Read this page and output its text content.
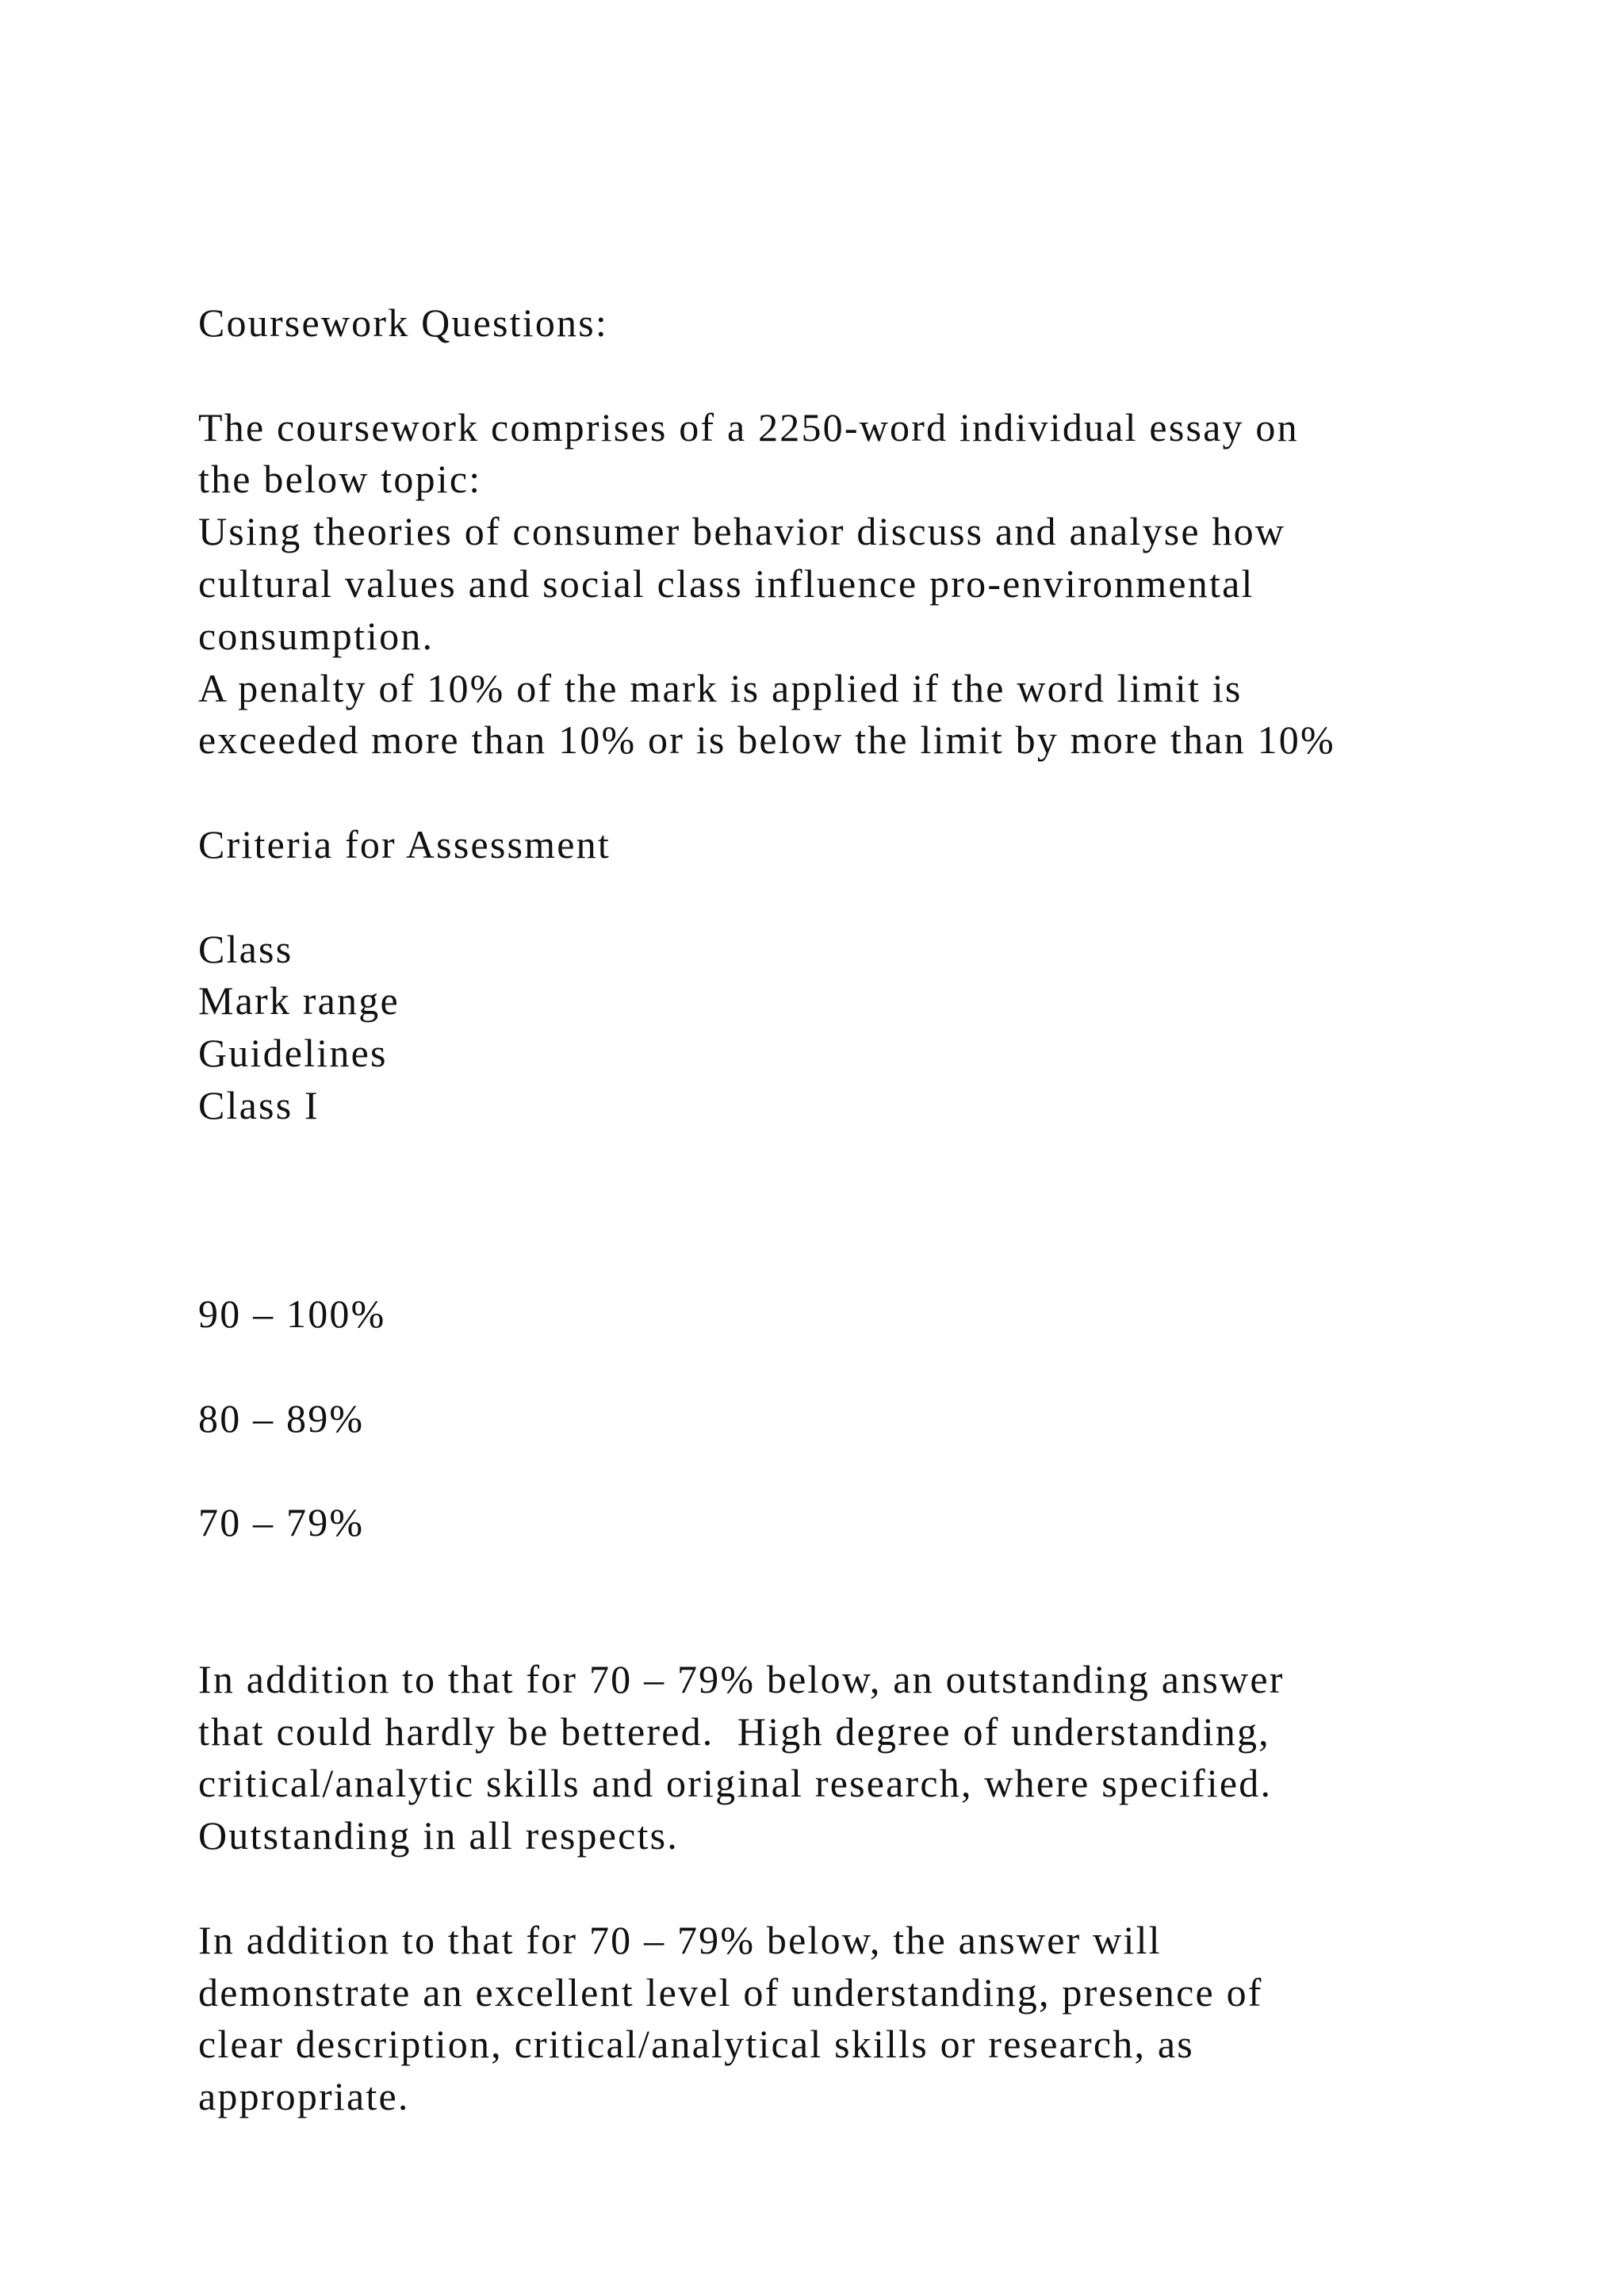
Coursework Questions:
The coursework comprises of a 2250-word individual essay on
the below topic:
Using theories of consumer behavior discuss and analyse how
cultural values and social class influence pro-environmental
consumption.
A penalty of 10% of the mark is applied if the word limit is
exceeded more than 10% or is below the limit by more than 10%
Criteria for Assessment
Class
Mark range
Guidelines
Class I
90 – 100%
80 – 89%
70 – 79%
In addition to that for 70 – 79% below, an outstanding answer
that could hardly be bettered.  High degree of understanding,
critical/analytic skills and original research, where specified.
Outstanding in all respects.
In addition to that for 70 – 79% below, the answer will
demonstrate an excellent level of understanding, presence of
clear description, critical/analytical skills or research, as
appropriate.
